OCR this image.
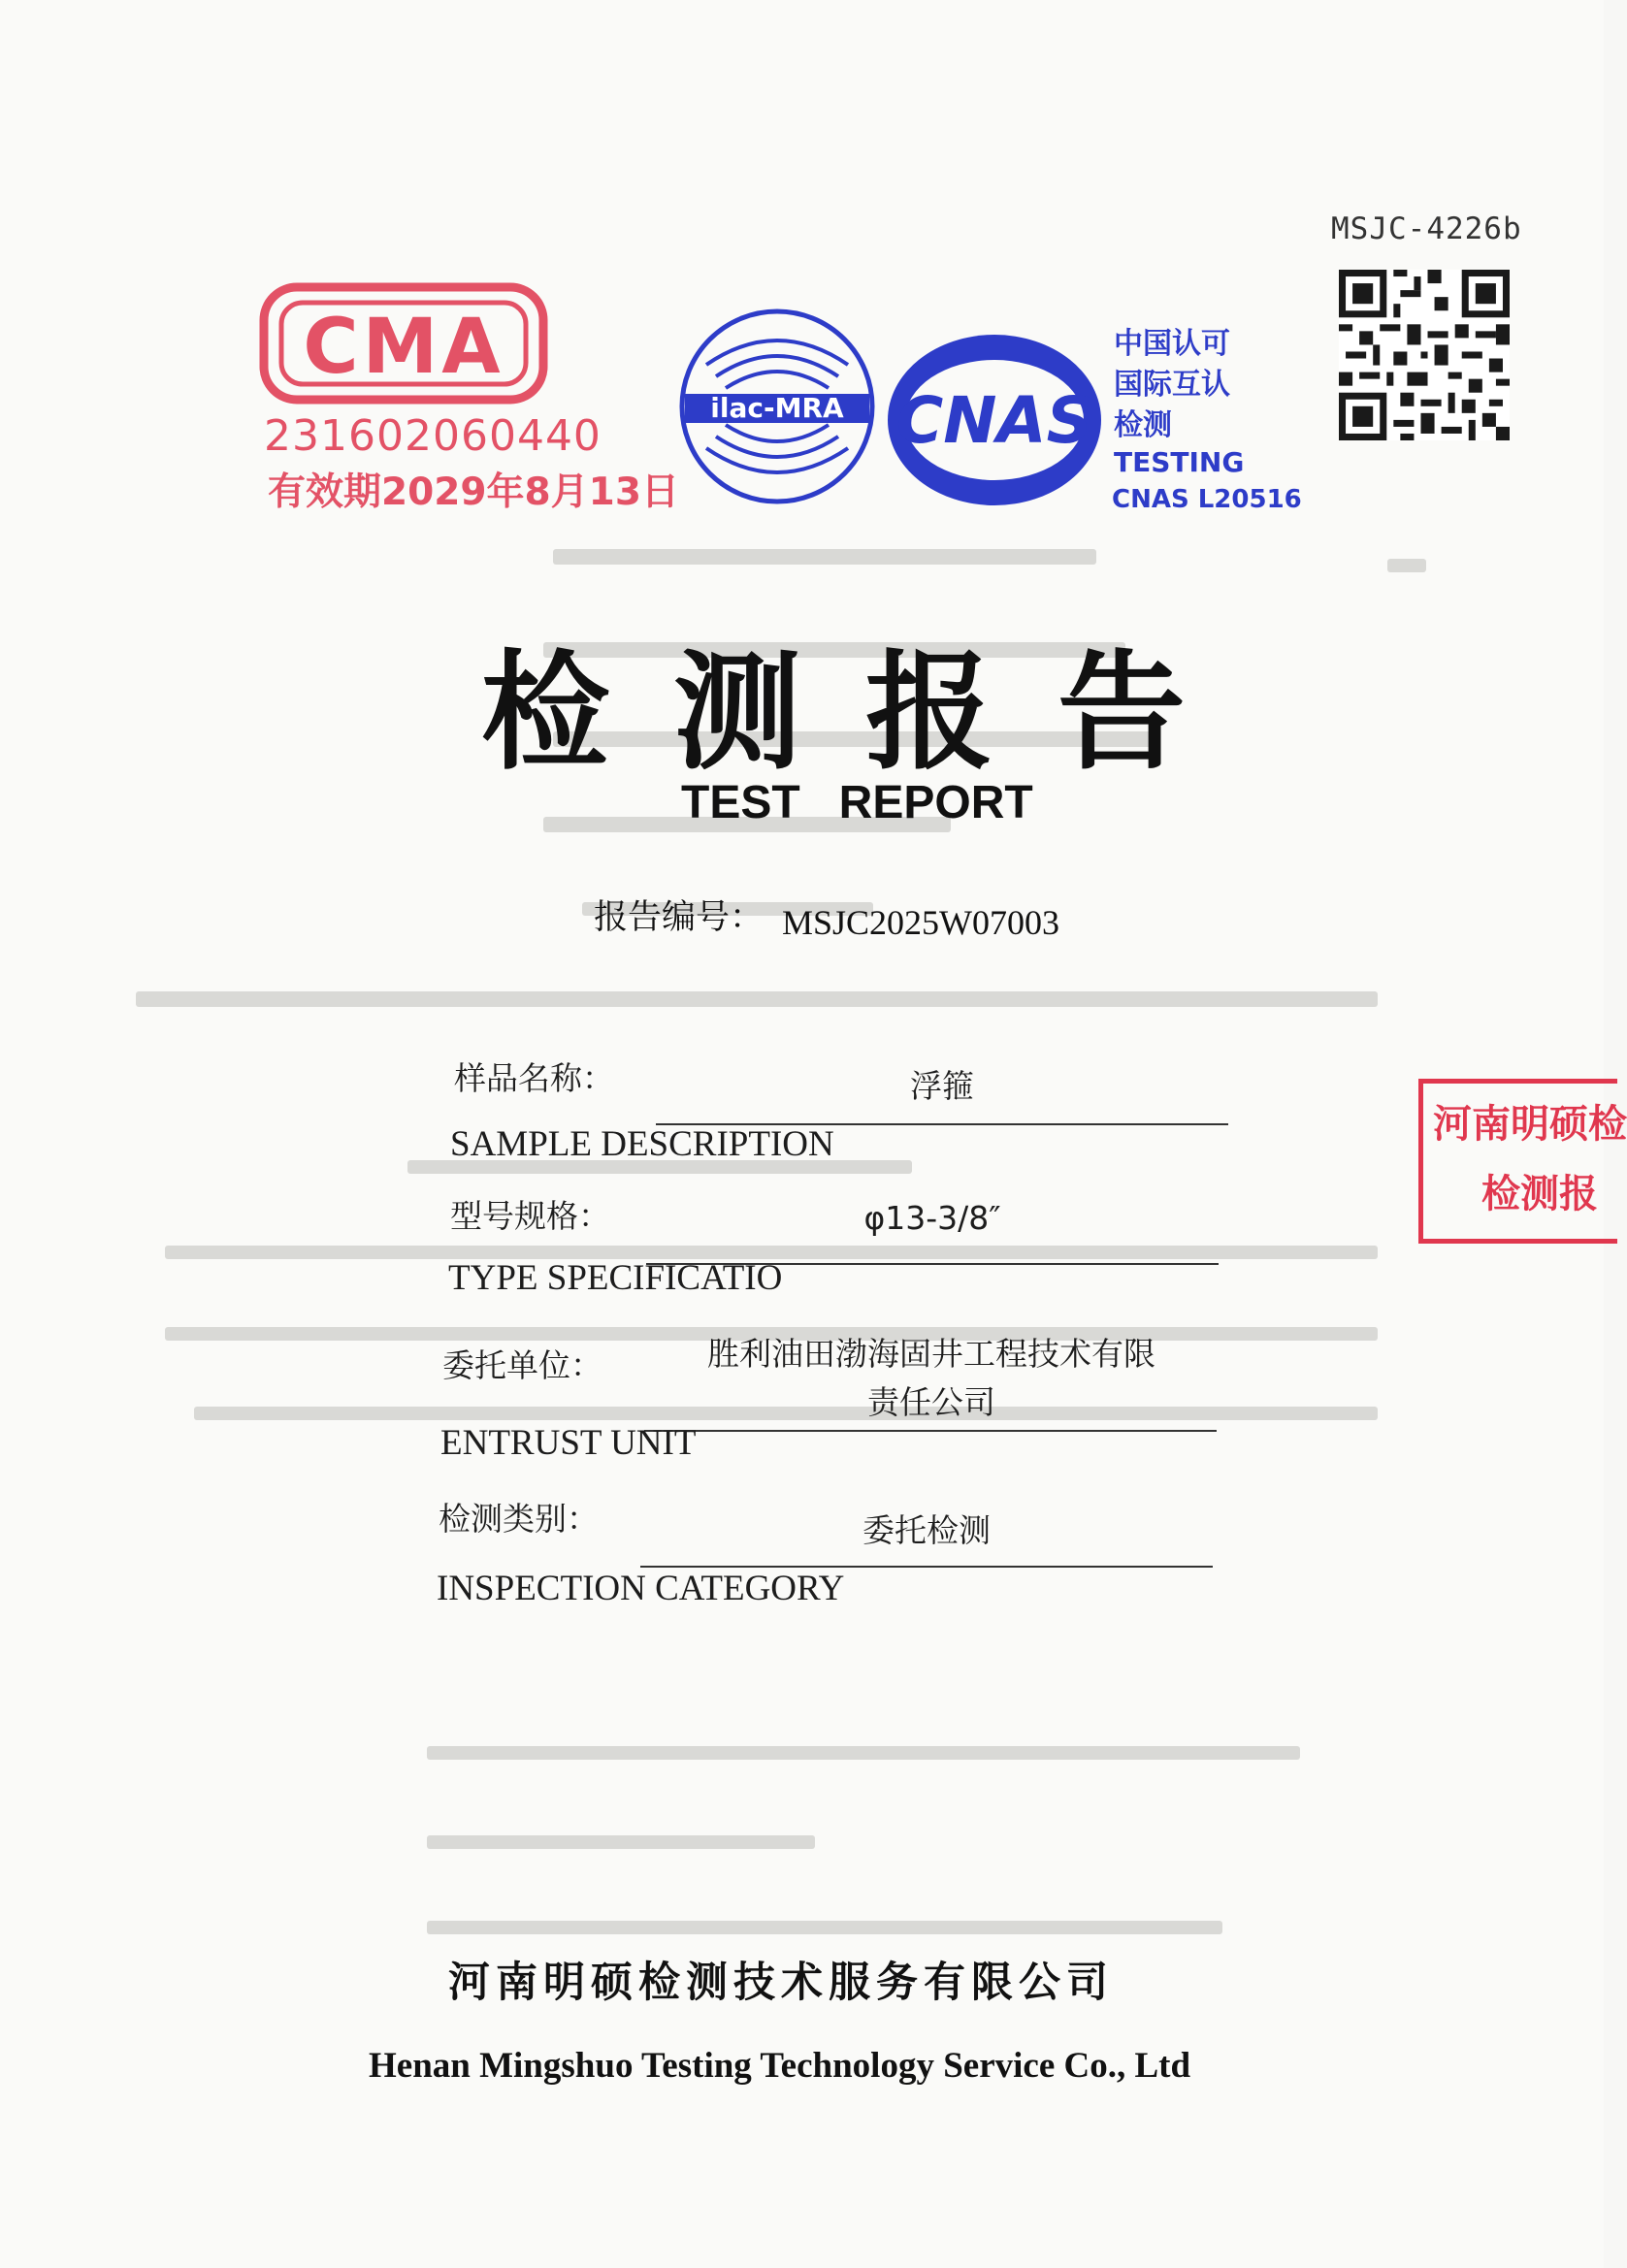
MSJC-4226b
CMA
231602060440
有效期2029年8月13日
ilac-MRA CNAS
中国认可
国际互认
检测
TESTING
CNAS L20516
检测报告
TEST   REPORT
报告编号： MSJC2025W07003
样品名称：	浮箍
SAMPLE DESCRIPTION
型号规格：	φ13-3/8″
TYPE SPECIFICATIO
委托单位：	胜利油田渤海固井工程技术有限
责任公司
ENTRUST UNIT
检测类别：	委托检测
INSPECTION CATEGORY
河南明硕检测技术服务有限公司
Henan Mingshuo Testing Technology Service Co., Ltd
河南明硕检
检测报
